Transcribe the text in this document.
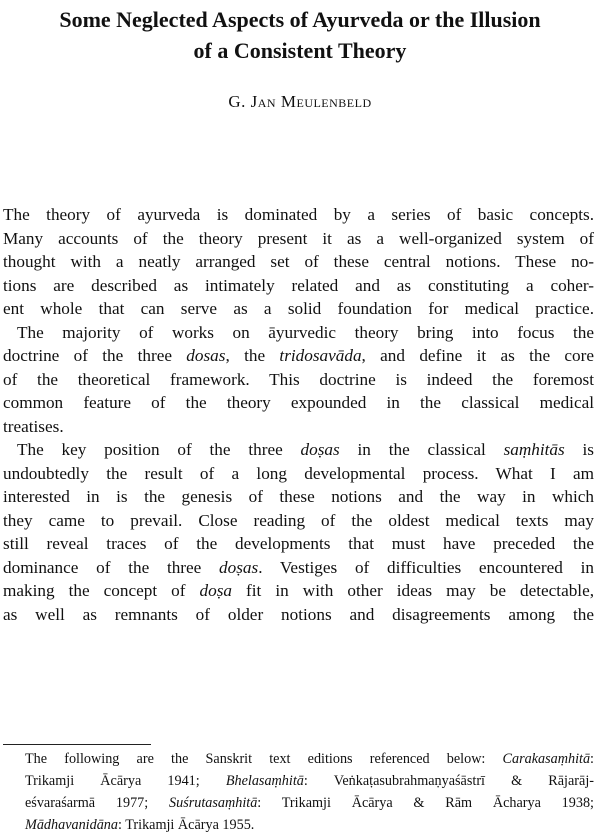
Some Neglected Aspects of Ayurveda or the Illusion
of a Consistent Theory
G. Jan Meulenbeld

The theory of ayurveda is dominated by a series of basic concepts.
Many accounts of the theory present it as a well-organized system of
thought with a neatly arranged set of these central notions. These no-
tions are described as intimately related and as constituting a coher-
ent whole that can serve as a solid foundation for medical practice.

The majority of works on āyurvedic theory bring into focus the
doctrine of the three dosas, the tridosavāda, and define it as the core
of the theoretical framework. This doctrine is indeed the foremost
common feature of the theory expounded in the classical medical
treatises.

The key position of the three doṣas in the classical saṃhitās is
undoubtedly the result of a long developmental process. What I am
interested in is the genesis of these notions and the way in which
they came to prevail. Close reading of the oldest medical texts may
still reveal traces of the developments that must have preceded the
dominance of the three doṣas. Vestiges of difficulties encountered in
making the concept of doṣa fit in with other ideas may be detectable,
as well as remnants of older notions and disagreements among the

The following are the Sanskrit text editions referenced below: Carakasaṃhitā:
Trikamji Ācārya 1941; Bhelasaṃhitā: Veṅkaṭasubrahmaṇyaśāstrī & Rājarāj-
eśvaraśarmā 1977; Suśrutasaṃhitā: Trikamji Ācārya & Rām Ācharya 1938;
Mādhavanidāna: Trikamji Ācārya 1955.
